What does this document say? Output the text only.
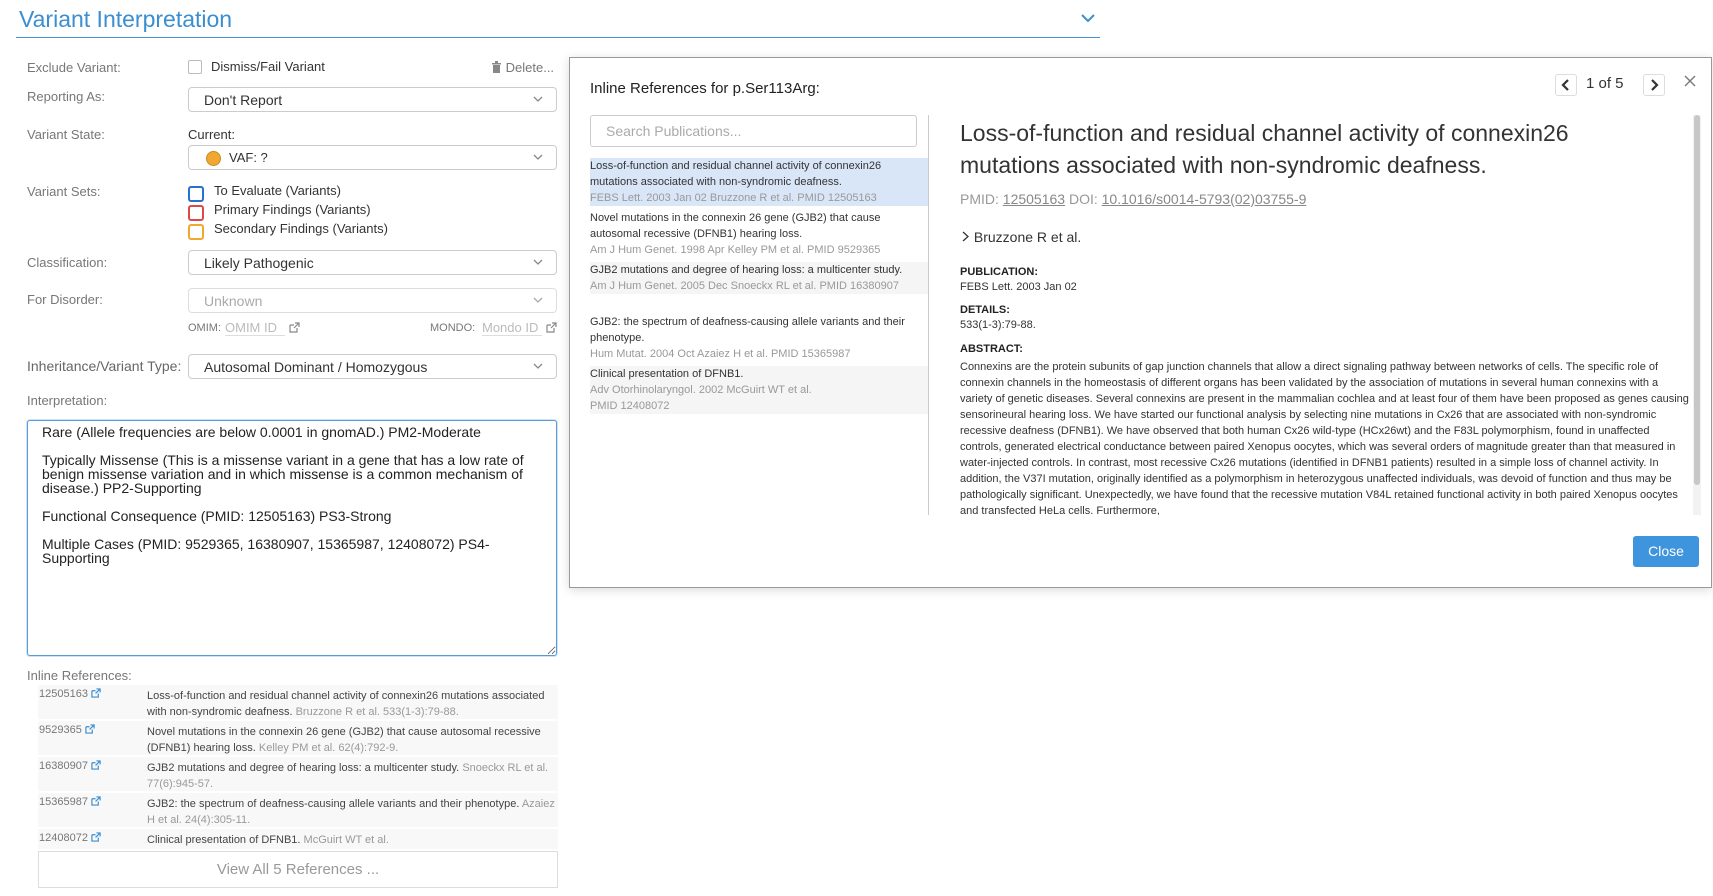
Variant Interpretation
Exclude Variant:	Dismiss/Fail Variant	Delete...
Reporting As:	Don't Report
Variant State:	Current:
VAF: ?
Variant Sets:	To Evaluate (Variants)
Primary Findings (Variants)
Secondary Findings (Variants)
Classification:	Likely Pathogenic
For Disorder:	Unknown
OMIM: OMIM ID	MONDO: Mondo ID
Inheritance/Variant Type: Autosomal Dominant / Homozygous
Interpretation:
Rare (Allele frequencies are below 0.0001 in gnomAD.) PM2-Moderate Typically Missense (This is a missense variant in a gene that has a low rate of benign missense variation and in which missense is a common mechanism of disease.) PP2-Supporting Functional Consequence (PMID: 12505163) PS3-Strong Multiple Cases (PMID: 9529365, 16380907, 15365987, 12408072) PS4-Supporting
Inline References:
12505163	Loss-of-function and residual channel activity of connexin26 mutations associated with non-syndromic deafness. Bruzzone R et al. 533(1-3):79-88.
9529365	Novel mutations in the connexin 26 gene (GJB2) that cause autosomal recessive (DFNB1) hearing loss. Kelley PM et al. 62(4):792-9.
16380907	GJB2 mutations and degree of hearing loss: a multicenter study. Snoeckx RL et al. 77(6):945-57.
15365987	GJB2: the spectrum of deafness-causing allele variants and their phenotype. Azaiez H et al. 24(4):305-11.
12408072	Clinical presentation of DFNB1. McGuirt WT et al.
View All 5 References ...
Inline References for p.Ser113Arg:	1 of 5
Search Publications...
Loss-of-function and residual channel activity of connexin26 mutations associated with non-syndromic deafness.
FEBS Lett. 2003 Jan 02 Bruzzone R et al. PMID 12505163
Novel mutations in the connexin 26 gene (GJB2) that cause autosomal recessive (DFNB1) hearing loss.
Am J Hum Genet. 1998 Apr Kelley PM et al. PMID 9529365
GJB2 mutations and degree of hearing loss: a multicenter study.
Am J Hum Genet. 2005 Dec Snoeckx RL et al. PMID 16380907
GJB2: the spectrum of deafness-causing allele variants and their phenotype.
Hum Mutat. 2004 Oct Azaiez H et al. PMID 15365987
Clinical presentation of DFNB1.
Adv Otorhinolaryngol. 2002 McGuirt WT et al.
PMID 12408072
Loss-of-function and residual channel activity of connexin26 mutations associated with non-syndromic deafness.
PMID: 12505163 DOI: 10.1016/s0014-5793(02)03755-9
Bruzzone R et al.
PUBLICATION:
FEBS Lett. 2003 Jan 02
DETAILS:
533(1-3):79-88.
ABSTRACT:
Connexins are the protein subunits of gap junction channels that allow a direct signaling pathway between networks of cells. The specific role of connexin channels in the homeostasis of different organs has been validated by the association of mutations in several human connexins with a variety of genetic diseases. Several connexins are present in the mammalian cochlea and at least four of them have been proposed as genes causing sensorineural hearing loss. We have started our functional analysis by selecting nine mutations in Cx26 that are associated with non-syndromic recessive deafness (DFNB1). We have observed that both human Cx26 wild-type (HCx26wt) and the F83L polymorphism, found in unaffected controls, generated electrical conductance between paired Xenopus oocytes, which was several orders of magnitude greater than that measured in water-injected controls. In contrast, most recessive Cx26 mutations (identified in DFNB1 patients) resulted in a simple loss of channel activity. In addition, the V37I mutation, originally identified as a polymorphism in heterozygous unaffected individuals, was devoid of function and thus may be pathologically significant. Unexpectedly, we have found that the recessive mutation V84L retained functional activity in both paired Xenopus oocytes and transfected HeLa cells. Furthermore,
Close
